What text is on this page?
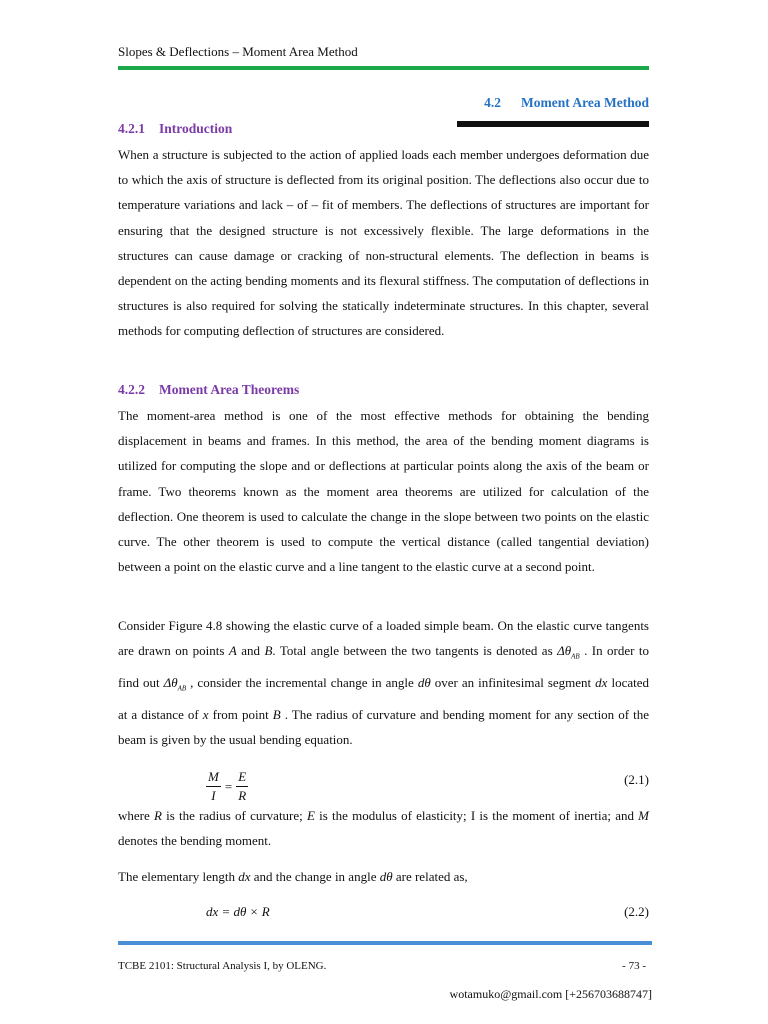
Slopes & Deflections – Moment Area Method
4.2 Moment Area Method
4.2.1 Introduction

When a structure is subjected to the action of applied loads each member undergoes deformation due to which the axis of structure is deflected from its original position. The deflections also occur due to temperature variations and lack – of – fit of members. The deflections of structures are important for ensuring that the designed structure is not excessively flexible. The large deformations in the structures can cause damage or cracking of non-structural elements. The deflection in beams is dependent on the acting bending moments and its flexural stiffness. The computation of deflections in structures is also required for solving the statically indeterminate structures. In this chapter, several methods for computing deflection of structures are considered.

4.2.2 Moment Area Theorems

The moment-area method is one of the most effective methods for obtaining the bending displacement in beams and frames. In this method, the area of the bending moment diagrams is utilized for computing the slope and or deflections at particular points along the axis of the beam or frame. Two theorems known as the moment area theorems are utilized for calculation of the deflection. One theorem is used to calculate the change in the slope between two points on the elastic curve. The other theorem is used to compute the vertical distance (called tangential deviation) between a point on the elastic curve and a line tangent to the elastic curve at a second point.

Consider Figure 4.8 showing the elastic curve of a loaded simple beam. On the elastic curve tangents are drawn on points A and B. Total angle between the two tangents is denoted as $\Delta\theta_{AB}$ . In order to find out $\Delta\theta_{AB}$ , consider the incremental change in angle dθ over an infinitesimal segment dx located at a distance of x from point B . The radius of curvature and bending moment for any section of the beam is given by the usual bending equation.

$\frac{M}{I} = \frac{E}{R}$	(2.1)

where R is the radius of curvature; E is the modulus of elasticity; I is the moment of inertia; and M denotes the bending moment.

The elementary length dx and the change in angle dθ are related as,

dx = dθ × R	(2.2)
TCBE 2101: Structural Analysis I, by OLENG.	- 73 -
wotamuko@gmail.com [+256703688747]
